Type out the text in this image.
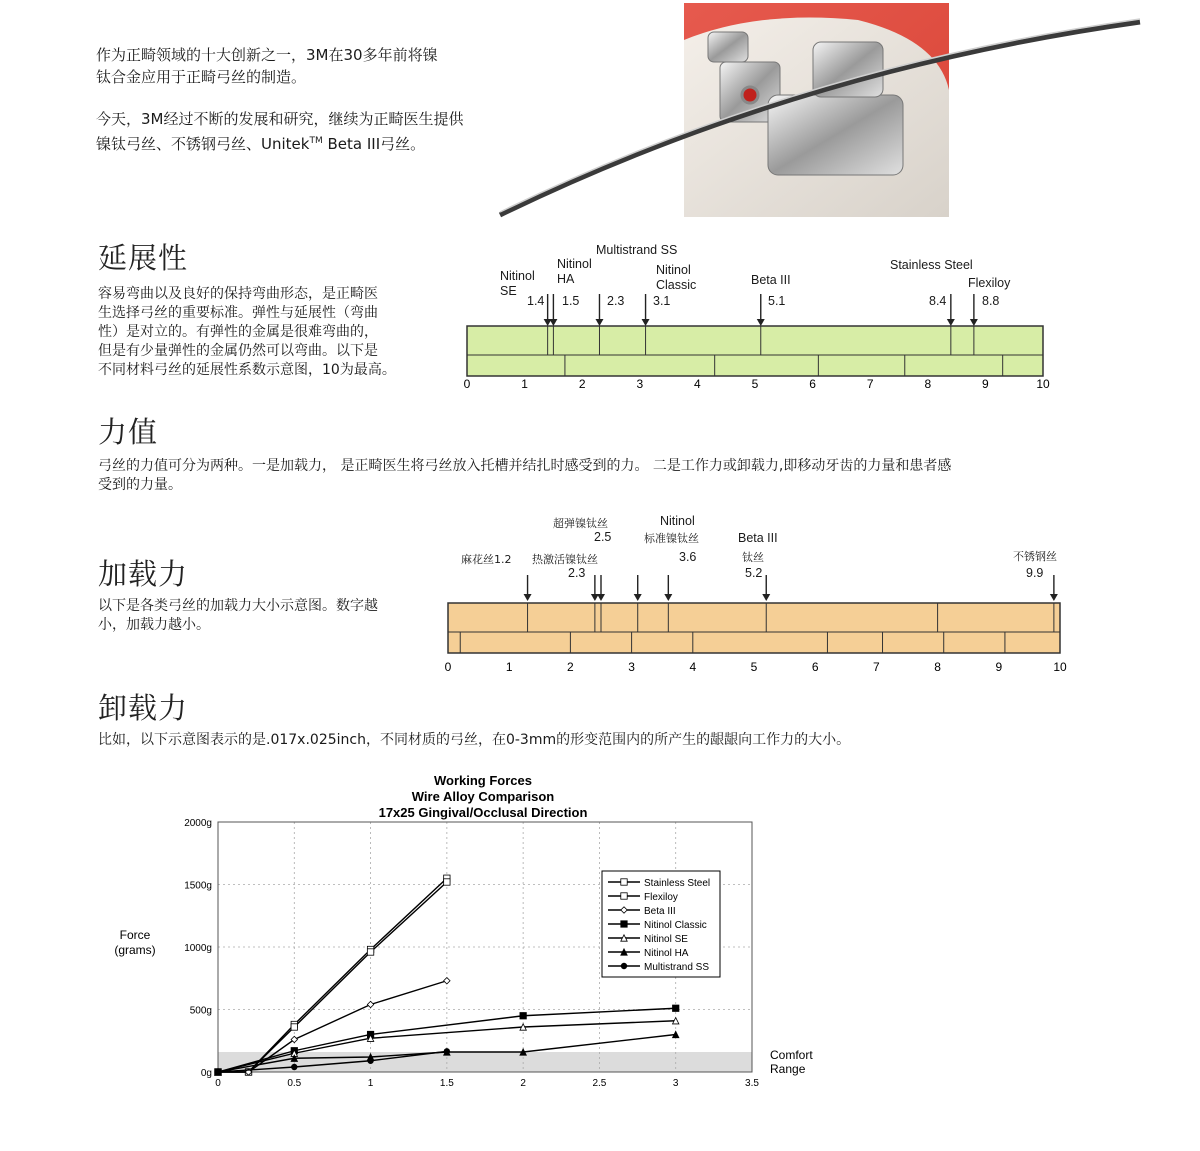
作为正畸领域的十大创新之一，3M在30多年前将镍
钛合金应用于正畸弓丝的制造。
今天，3M经过不断的发展和研究，继续为正畸医生提供
镍钛弓丝、不锈钢弓丝、Unitek™ Beta III弓丝。
延展性
容易弯曲以及良好的保持弯曲形态，是正畸医
生选择弓丝的重要标准。弹性与延展性（弯曲
性）是对立的。有弹性的金属是很难弯曲的，
但是有少量弹性的金属仍然可以弯曲。以下是
不同材料弓丝的延展性系数示意图，10为最高。
Nitinol
SE
Nitinol
HA
Multistrand SS
Nitinol
Classic	Beta III
Stainless Steel
Flexiloy
1.4 1.5 2.3 3.1	5.1	8.4	8.8
0	1	2	3	4	5	6	7	8	9	10
力值
弓丝的力值可分为两种。一是加载力， 是正畸医生将弓丝放入托槽并结扎时感受到的力。 二是工作力或卸载力,即移动牙齿的力量和患者感
受到的力量。
加载力
以下是各类弓丝的加载力大小示意图。数字越
小，加载力越小。
麻花丝1.2 热激活镍钛丝
2.3
超弹镍钛丝
2.5
Nitinol
标准镍钛丝
3.6
Beta III
钛丝
5.2
不锈钢丝
9.9
0	1	2	3	4	5	6	7	8	9	10
卸载力
比如，以下示意图表示的是.017x.025inch，不同材质的弓丝，在0-3mm的形变范围内的所产生的龈龈向工作力的大小。
Working Forces
Wire Alloy Comparison
17x25 Gingival/Occlusal Direction
Force
(grams)
Comfort
Range
0	0.5	1	1.5	2	2.5	3	3.5
0g
500g
1000g
1500g
2000g
Stainless Steel
Flexiloy
Beta III
Nitinol Classic
Nitinol SE
Nitinol HA
Multistrand SS
